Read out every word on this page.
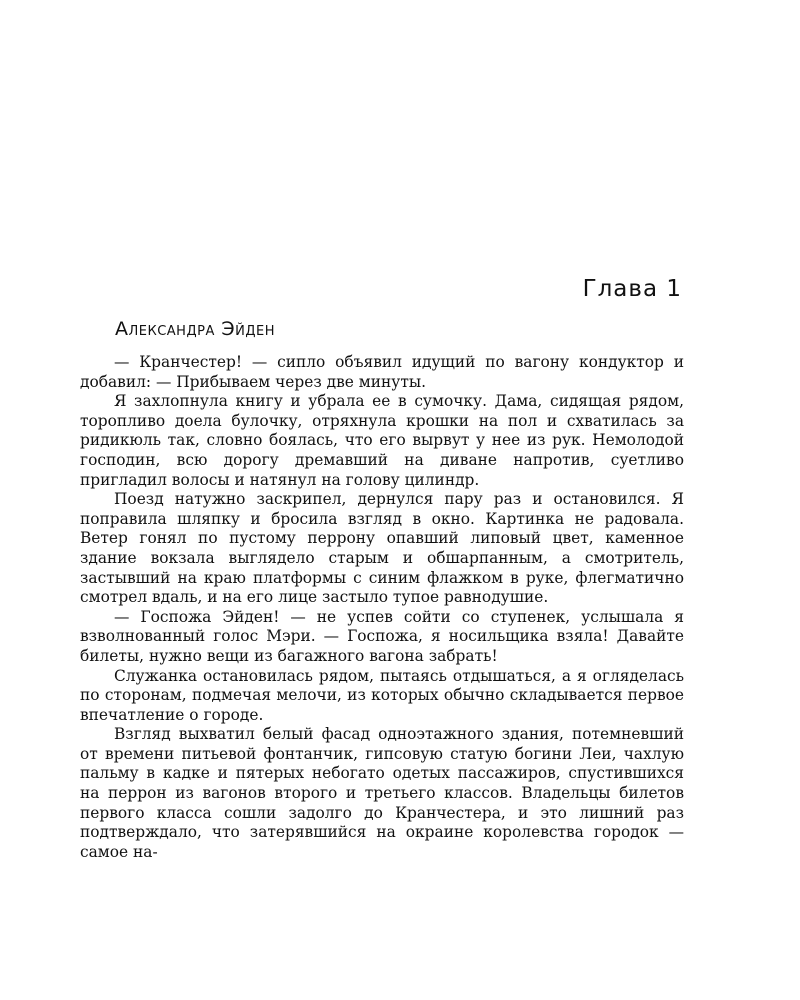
Глава 1
Александра Эйден

— Кранчестер! — сипло объявил идущий по вагону кондуктор и добавил: — Прибываем через две минуты.

Я захлопнула книгу и убрала ее в сумочку. Дама, сидящая рядом, торопливо доела булочку, отряхнула крошки на пол и схватилась за ридикюль так, словно боялась, что его вырвут у нее из рук. Немолодой господин, всю дорогу дремавший на диване напротив, суетливо пригладил волосы и натянул на голову цилиндр.

Поезд натужно заскрипел, дернулся пару раз и остановился. Я поправила шляпку и бросила взгляд в окно. Картинка не радовала. Ветер гонял по пустому перрону опавший липовый цвет, каменное здание вокзала выглядело старым и обшарпанным, а смотритель, застывший на краю платформы с синим флажком в руке, флегматично смотрел вдаль, и на его лице застыло тупое равнодушие.

— Госпожа Эйден! — не успев сойти со ступенек, услышала я взволнованный голос Мэри. — Госпожа, я носильщика взяла! Давайте билеты, нужно вещи из багажного вагона забрать!

Служанка остановилась рядом, пытаясь отдышаться, а я огляделась по сторонам, подмечая мелочи, из которых обычно складывается первое впечатление о городе.

Взгляд выхватил белый фасад одноэтажного здания, потемневший от времени питьевой фонтанчик, гипсовую статую богини Леи, чахлую пальму в кадке и пятерых небогато одетых пассажиров, спустившихся на перрон из вагонов второго и третьего классов. Владельцы билетов первого класса сошли задолго до Кранчестера, и это лишний раз подтверждало, что затерявшийся на окраине королевства городок — самое на-
